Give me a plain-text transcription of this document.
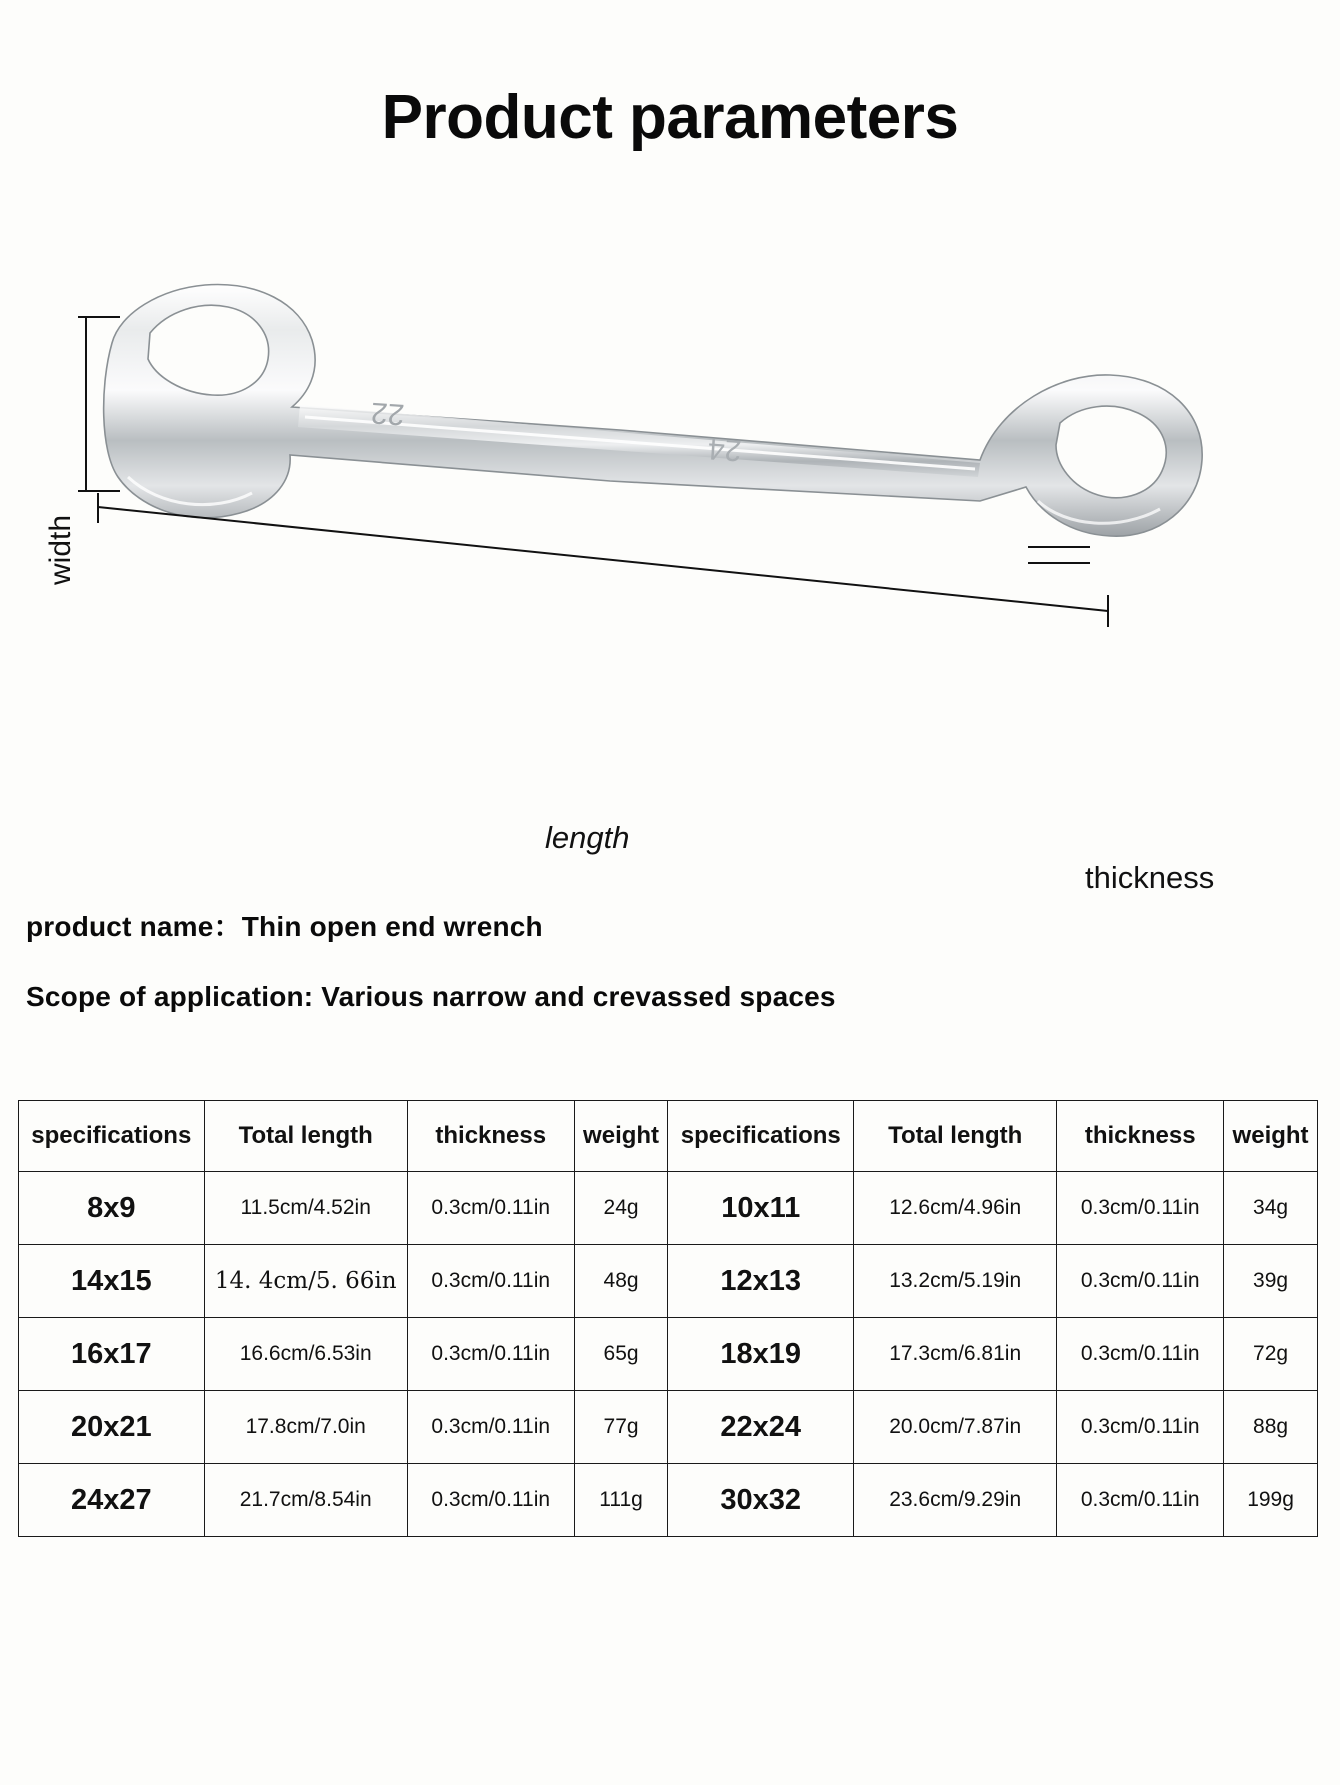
Product parameters
22
24
width
length
thickness
product name：Thin open end wrench
Scope of application: Various narrow and crevassed spaces
specifications	Total length	thickness	weight	specifications	Total length	thickness	weight
8x9	11.5cm/4.52in	0.3cm/0.11in	24g	10x11	12.6cm/4.96in	0.3cm/0.11in	34g
14x15	14. 4cm/5. 66in	0.3cm/0.11in	48g	12x13	13.2cm/5.19in	0.3cm/0.11in	39g
16x17	16.6cm/6.53in	0.3cm/0.11in	65g	18x19	17.3cm/6.81in	0.3cm/0.11in	72g
20x21	17.8cm/7.0in	0.3cm/0.11in	77g	22x24	20.0cm/7.87in	0.3cm/0.11in	88g
24x27	21.7cm/8.54in	0.3cm/0.11in	111g	30x32	23.6cm/9.29in	0.3cm/0.11in	199g
